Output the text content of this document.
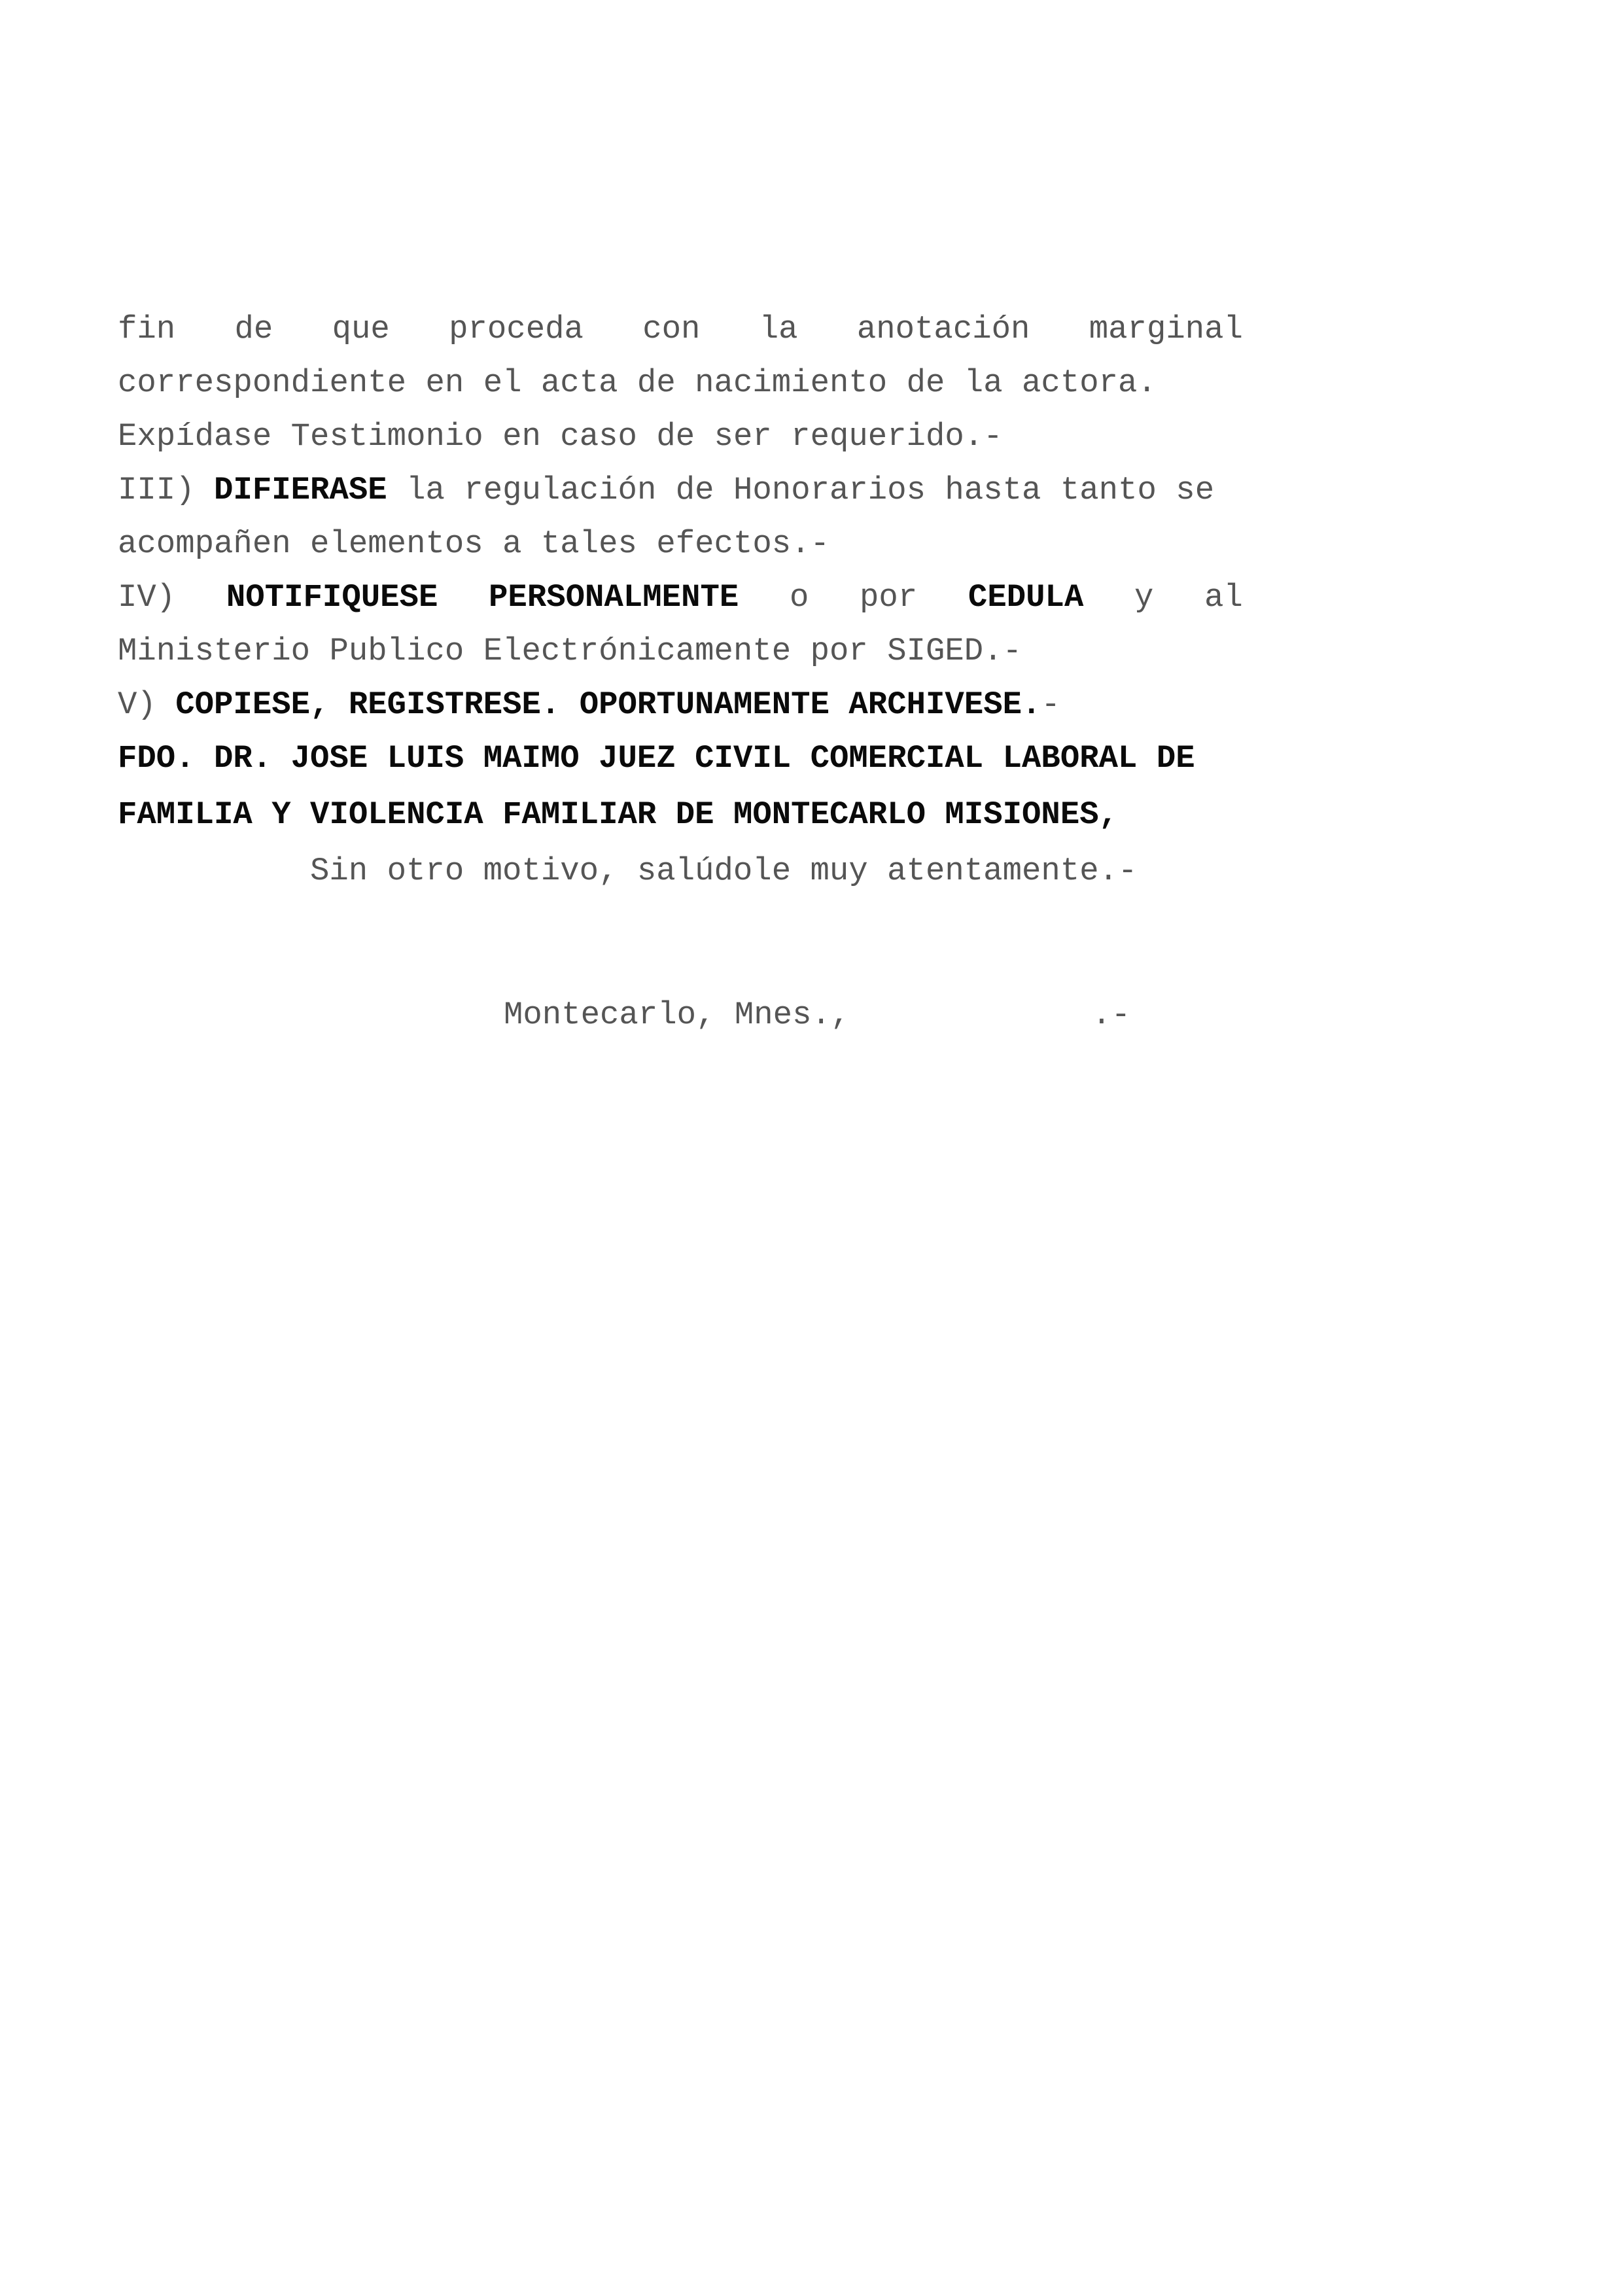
fin de que proceda con la anotación marginal
correspondiente en el acta de nacimiento de la actora.
Expídase Testimonio en caso de ser requerido.-
III) DIFIERASE la regulación de Honorarios hasta tanto se
acompañen elementos a tales efectos.-
IV) NOTIFIQUESE PERSONALMENTE o por CEDULA y al
Ministerio Publico Electrónicamente por SIGED.-
V) COPIESE, REGISTRESE. OPORTUNAMENTE ARCHIVESE.-
FDO. DR. JOSE LUIS MAIMO JUEZ CIVIL COMERCIAL LABORAL DE
FAMILIA Y VIOLENCIA FAMILIAR DE MONTECARLO MISIONES,
Sin otro motivo, salúdole muy atentamente.-
Montecarlo, Mnes.,	.-
